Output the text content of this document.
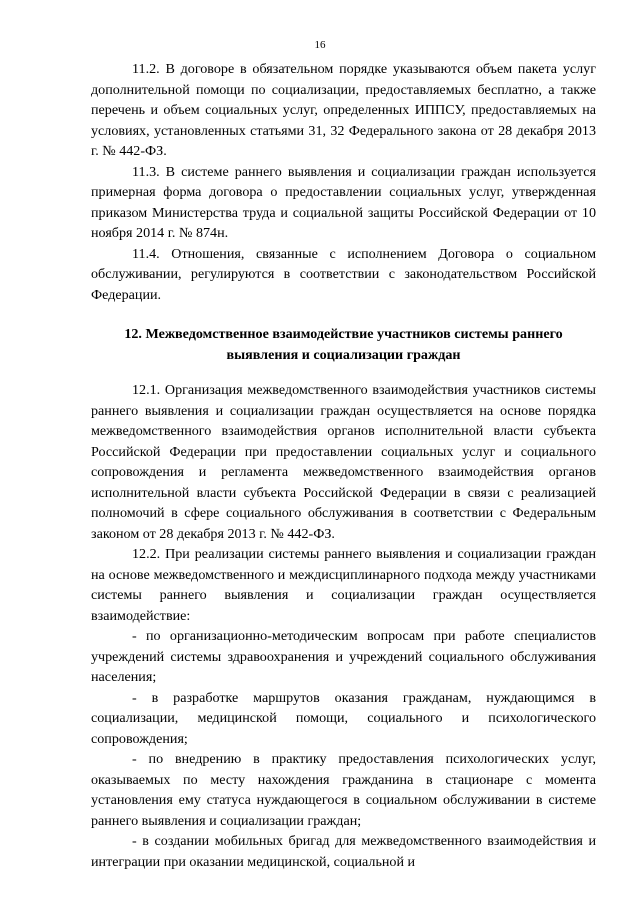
16

11.2. В договоре в обязательном порядке указываются объем пакета услуг дополнительной помощи по социализации, предоставляемых бесплатно, а также перечень и объем социальных услуг, определенных ИППСУ, предоставляемых на условиях, установленных статьями 31, 32 Федерального закона от 28 декабря 2013 г. № 442-ФЗ.

11.3. В системе раннего выявления и социализации граждан используется примерная форма договора о предоставлении социальных услуг, утвержденная приказом Министерства труда и социальной защиты Российской Федерации от 10 ноября 2014 г. № 874н.

11.4. Отношения, связанные с исполнением Договора о социальном обслуживании, регулируются в соответствии с законодательством Российской Федерации.

12. Межведомственное взаимодействие участников системы раннего выявления и социализации граждан

12.1. Организация межведомственного взаимодействия участников системы раннего выявления и социализации граждан осуществляется на основе порядка межведомственного взаимодействия органов исполнительной власти субъекта Российской Федерации при предоставлении социальных услуг и социального сопровождения и регламента межведомственного взаимодействия органов исполнительной власти субъекта Российской Федерации в связи с реализацией полномочий в сфере социального обслуживания в соответствии с Федеральным законом от 28 декабря 2013 г. № 442-ФЗ.

12.2. При реализации системы раннего выявления и социализации граждан на основе межведомственного и междисциплинарного подхода между участниками системы раннего выявления и социализации граждан осуществляется взаимодействие:

- по организационно-методическим вопросам при работе специалистов учреждений системы здравоохранения и учреждений социального обслуживания населения;

- в разработке маршрутов оказания гражданам, нуждающимся в социализации, медицинской помощи, социального и психологического сопровождения;

- по внедрению в практику предоставления психологических услуг, оказываемых по месту нахождения гражданина в стационаре с момента установления ему статуса нуждающегося в социальном обслуживании в системе раннего выявления и социализации граждан;

- в создании мобильных бригад для межведомственного взаимодействия и интеграции при оказании медицинской, социальной и
